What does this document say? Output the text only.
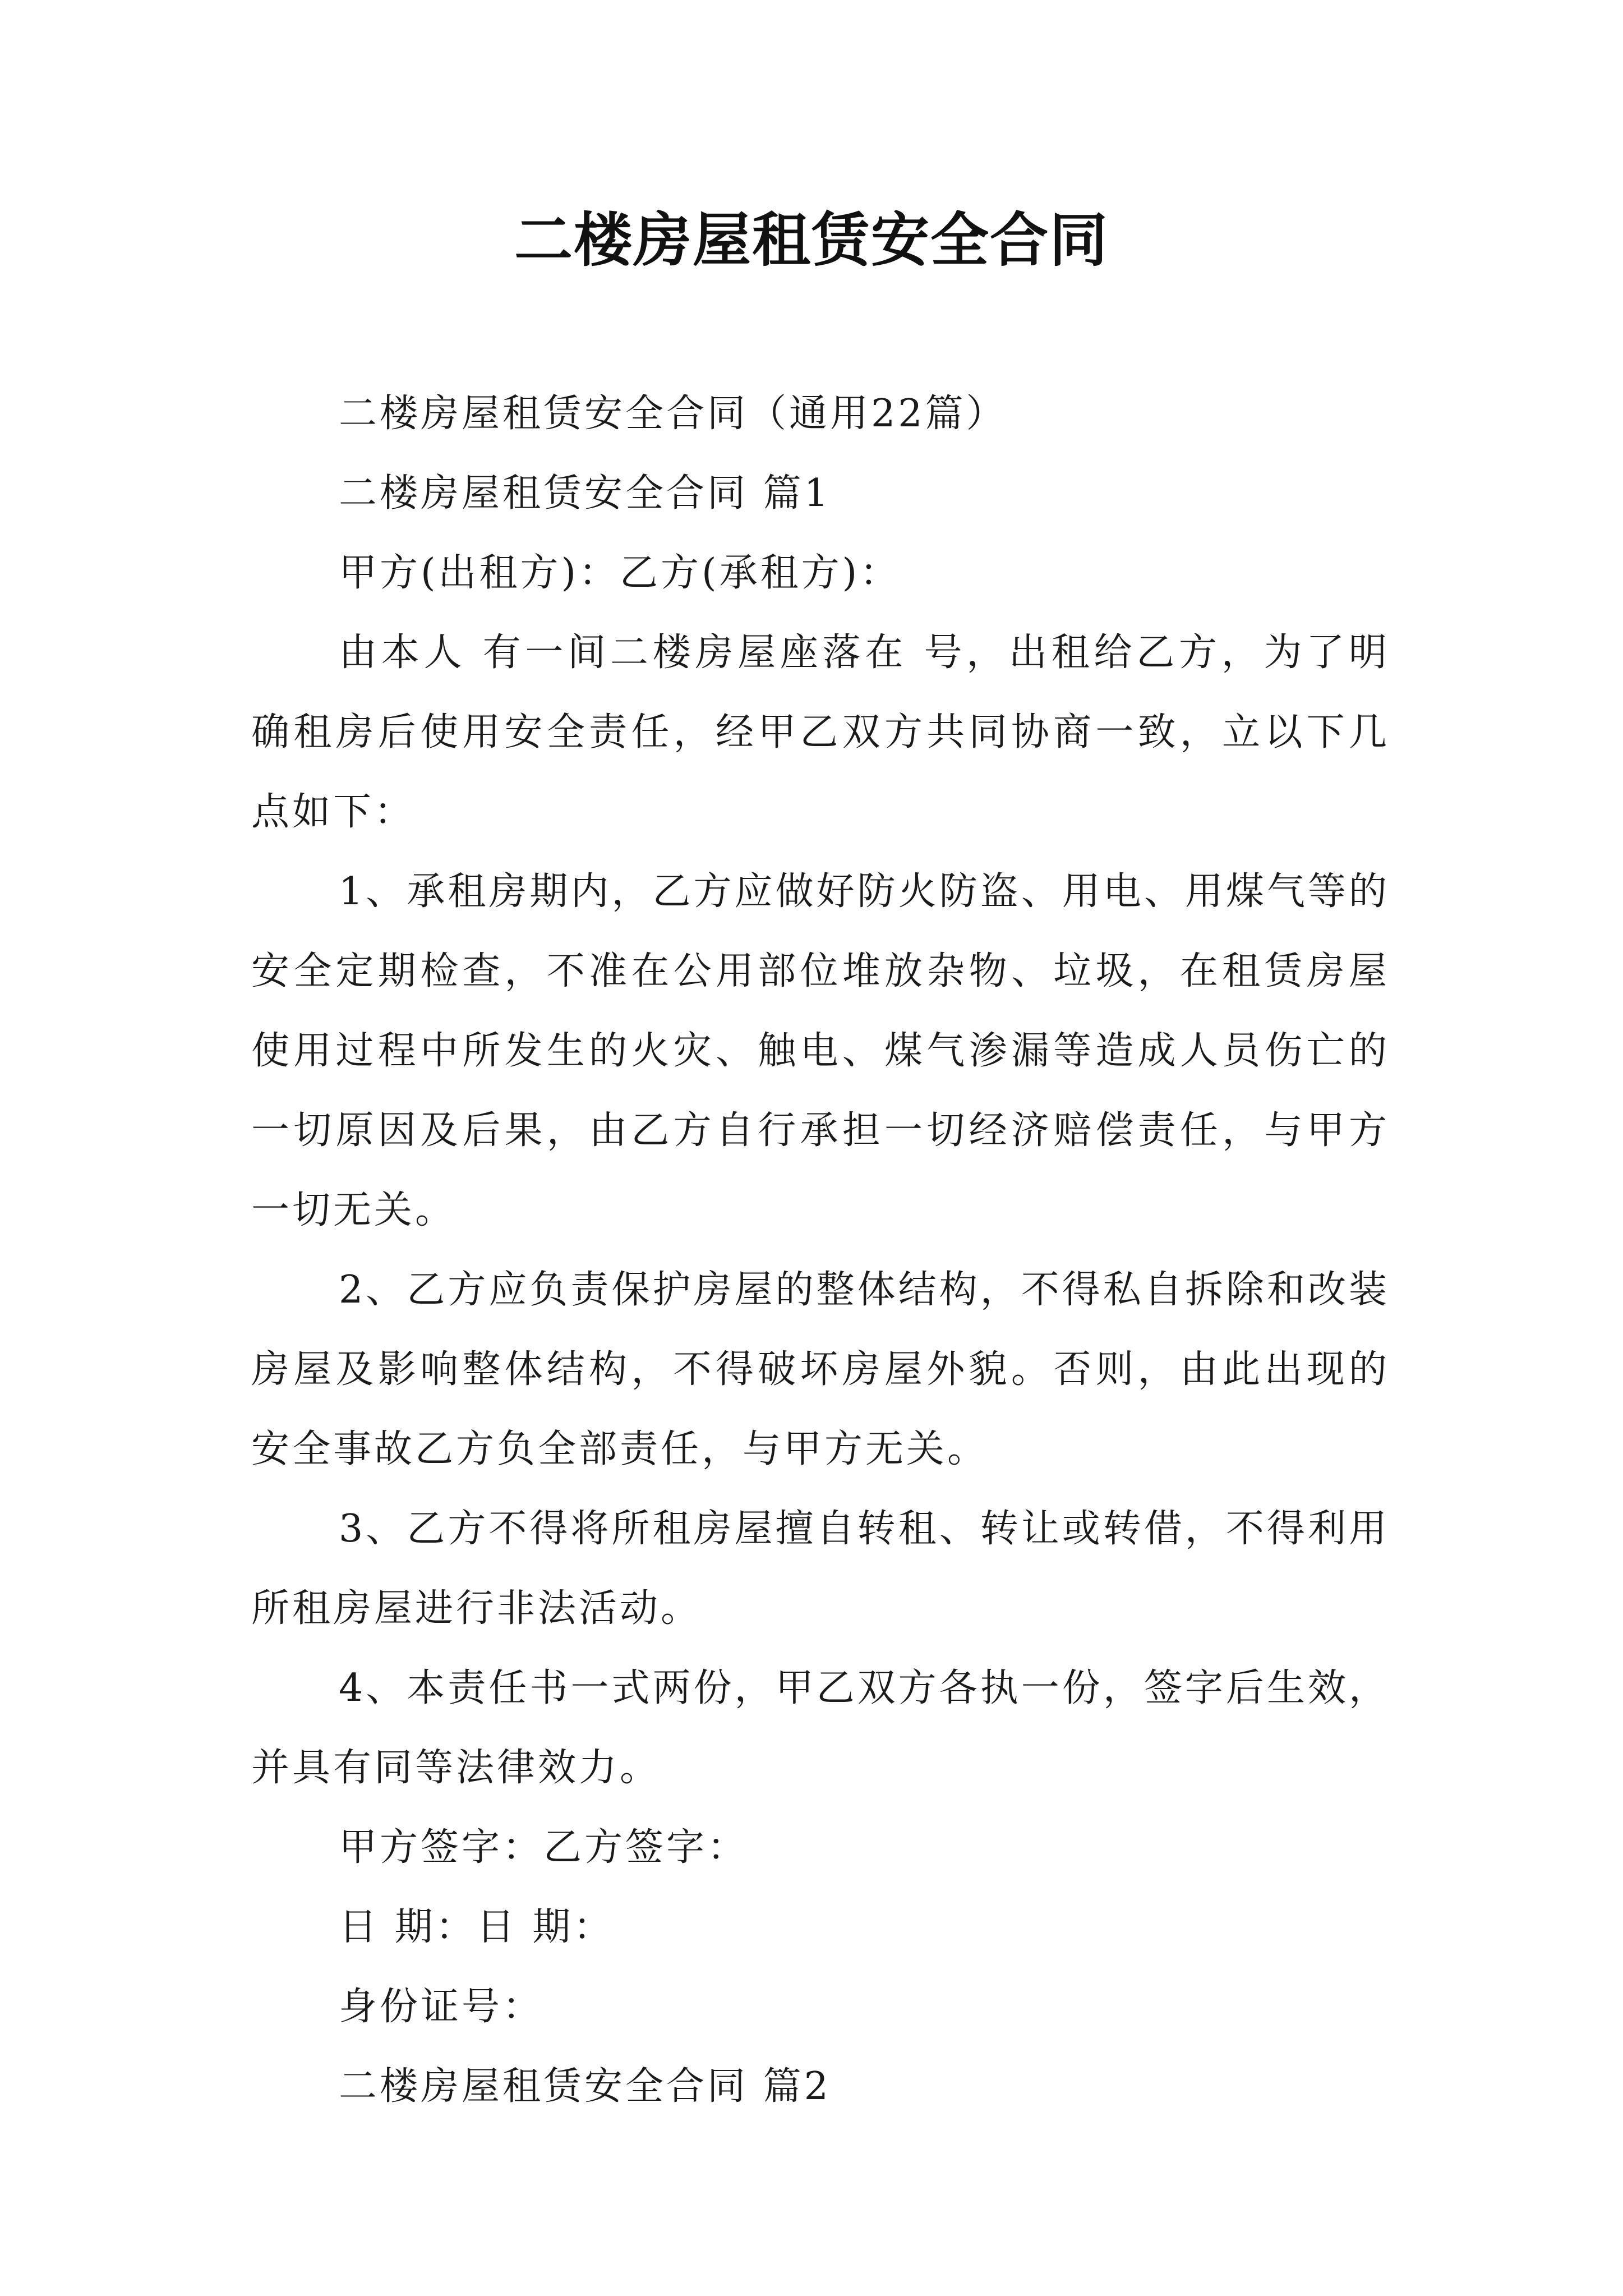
二楼房屋租赁安全合同

二楼房屋租赁安全合同（通用22篇）

二楼房屋租赁安全合同 篇1

甲方(出租方)：乙方(承租方)：

由本人 有一间二楼房屋座落在 号，出租给乙方，为了明确租房后使用安全责任，经甲乙双方共同协商一致，立以下几点如下：

1、承租房期内，乙方应做好防火防盗、用电、用煤气等的安全定期检查，不准在公用部位堆放杂物、垃圾，在租赁房屋使用过程中所发生的火灾、触电、煤气渗漏等造成人员伤亡的一切原因及后果，由乙方自行承担一切经济赔偿责任，与甲方一切无关。

2、乙方应负责保护房屋的整体结构，不得私自拆除和改装房屋及影响整体结构，不得破坏房屋外貌。否则，由此出现的安全事故乙方负全部责任，与甲方无关。

3、乙方不得将所租房屋擅自转租、转让或转借，不得利用所租房屋进行非法活动。

4、本责任书一式两份，甲乙双方各执一份，签字后生效，并具有同等法律效力。

甲方签字：乙方签字：

日 期：日 期：

身份证号：

二楼房屋租赁安全合同 篇2
